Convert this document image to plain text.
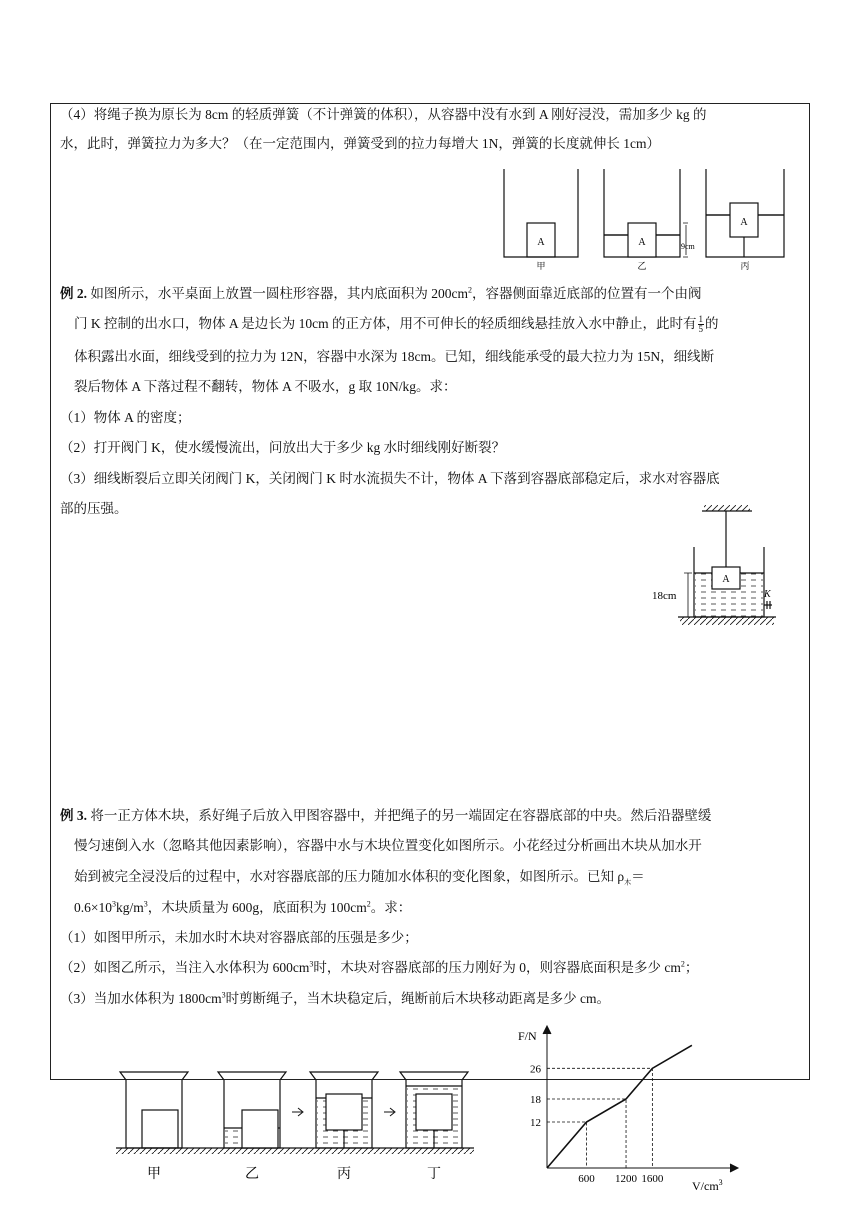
（4）将绳子换为原长为 8cm 的轻质弹簧（不计弹簧的体积），从容器中没有水到 A 刚好浸没，需加多少 kg 的
水，此时，弹簧拉力为多大？（在一定范围内，弹簧受到的拉力每增大 1N，弹簧的长度就伸长 1cm）
A	A
A
9cm
甲	乙	丙
例 2. 如图所示，水平桌面上放置一圆柱形容器，其内底面积为 $200cm^2$，容器侧面靠近底部的位置有一个由阀
门 K 控制的出水口，物体 A 是边长为 10cm 的正方体，用不可伸长的轻质细线悬挂放入水中静止，此时有 $\frac{1}{5}$ 的
体积露出水面，细线受到的拉力为 12N，容器中水深为 18cm。已知，细线能承受的最大拉力为 15N，细线断
裂后物体 A 下落过程不翻转，物体 A 不吸水，g 取 10N/kg。求：
（1）物体 A 的密度；
（2）打开阀门 K，使水缓慢流出，问放出大于多少 kg 水时细线刚好断裂？
（3）细线断裂后立即关闭阀门 K，关闭阀门 K 时水流损失不计，物体 A 下落到容器底部稳定后，求水对容器底
部的压强。
A
18cm	K
例 3. 将一正方体木块，系好绳子后放入甲图容器中，并把绳子的另一端固定在容器底部的中央。然后沿器壁缓
慢匀速倒入水（忽略其他因素影响），容器中水与木块位置变化如图所示。小花经过分析画出木块从加水开
始到被完全浸没后的过程中，水对容器底部的压力随加水体积的变化图象，如图所示。已知 $\rho_木=$
$0.6\times 10^3kg/m^3$，木块质量为 600g，底面积为 $100cm^2$。求：
（1）如图甲所示，未加水时木块对容器底部的压强是多少；
（2）如图乙所示，当注入水体积为 $600cm^3$时，木块对容器底部的压力刚好为 0，则容器底面积是多少 $cm^2$；
（3）当加水体积为 $1800cm^3$时剪断绳子，当木块稳定后，绳断前后木块移动距离是多少 cm。
甲	乙	丙	丁
12
18
26
600 1200 1600
F/N
$V/cm^3$
